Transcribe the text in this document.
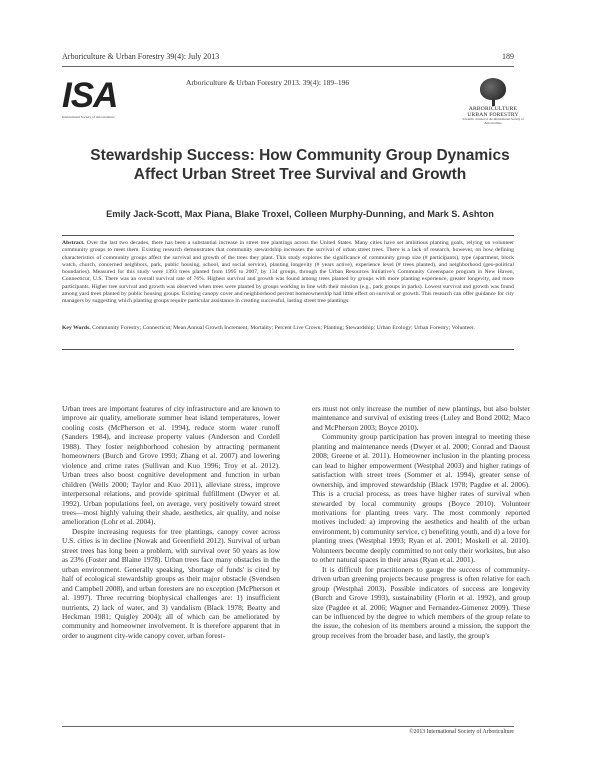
Arboriculture & Urban Forestry 39(4): July 2013	189
ISA
International Society of Arboriculture
Arboriculture & Urban Forestry 2013. 39(4): 189–196
ARBORICULTURE
URBAN FORESTRY
Scientific Journal of the International Society of Arboriculture
Stewardship Success: How Community Group Dynamics
Affect Urban Street Tree Survival and Growth
Emily Jack-Scott, Max Piana, Blake Troxel, Colleen Murphy-Dunning, and Mark S. Ashton
Abstract. Over the last two decades, there has been a substantial increase in street tree plantings across the United States. Many cities have set ambitious planting goals, relying on volunteer community groups to meet them. Existing research demonstrates that community stewardship increases the survival of urban street trees. There is a lack of research, however, on how defining characteristics of community groups affect the survival and growth of the trees they plant. This study explores the significance of community group size (# participants), type (apartment, block watch, church, concerned neighbors, park, public housing, school, and social service), planting longevity (# years active), experience level (# trees planted), and neighborhood (geo-political boundaries). Measured for this study were 1393 trees planted from 1995 to 2007, by 134 groups, through the Urban Resources Initiative's Community Greenspace program in New Haven, Connecticut, U.S. There was an overall survival rate of 76%. Highest survival and growth was found among trees planted by groups with more planting experience, greater longevity, and more participants. Higher tree survival and growth was observed when trees were planted by groups working in line with their mission (e.g., park groups in parks). Lowest survival and growth was found among yard trees planted by public housing groups. Existing canopy cover and neighborhood percent homeownership had little effect on survival or growth. This research can offer guidance for city managers by suggesting which planting groups require particular assistance in creating successful, lasting street tree plantings.
Key Words. Community Forestry; Connecticut; Mean Annual Growth Increment; Mortality; Percent Live Crown; Planting; Stewardship; Urban Ecology; Urban Forestry; Volunteer.

Urban trees are important features of city infrastructure and are known to improve air quality, ameliorate summer heat island temperatures, lower cooling costs (McPherson et al. 1994), reduce storm water runoff (Sanders 1984), and increase property values (Anderson and Cordell 1988). They foster neighborhood cohesion by attracting permanent homeowners (Burch and Grove 1993; Zhang et al. 2007) and lowering violence and crime rates (Sullivan and Kuo 1996; Troy et al. 2012). Urban trees also boost cognitive development and function in urban children (Wells 2000; Taylor and Kuo 2011), alleviate stress, improve interpersonal relations, and provide spiritual fulfillment (Dwyer et al. 1992). Urban populations feel, on average, very positively toward street trees—most highly valuing their shade, aesthetics, air quality, and noise amelioration (Lohr et al. 2004).

Despite increasing requests for tree plantings, canopy cover across U.S. cities is in decline (Nowak and Greenfield 2012). Survival of urban street trees has long been a problem, with survival over 50 years as low as 23% (Foster and Blaine 1978). Urban trees face many obstacles in the urban environment. Generally speaking, 'shortage of funds' is cited by half of ecological stewardship groups as their major obstacle (Svendsen and Campbell 2008), and urban foresters are no exception (McPherson et al. 1997). Three recurring biophysical challenges are: 1) insufficient nutrients, 2) lack of water, and 3) vandalism (Black 1978; Beatty and Heckman 1981; Quigley 2004); all of which can be ameliorated by community and homeowner involvement. It is therefore apparent that in order to augment city-wide canopy cover, urban forest-

ers must not only increase the number of new plantings, but also bolster maintenance and survival of existing trees (Luley and Bond 2002; Maco and McPherson 2003; Boyce 2010).

Community group participation has proven integral to meeting these planting and maintenance needs (Dwyer et al. 2000; Conrad and Daoust 2008; Greene et al. 2011). Homeowner inclusion in the planting process can lead to higher empowerment (Westphal 2003) and higher ratings of satisfaction with street trees (Sommer et al. 1994), greater sense of ownership, and improved stewardship (Black 1978; Pagdee et al. 2006). This is a crucial process, as trees have higher rates of survival when stewarded by local community groups (Boyce 2010). Volunteer motivations for planting trees vary. The most commonly reported motives included: a) improving the aesthetics and health of the urban environment, b) community service, c) benefiting youth, and d) a love for planting trees (Westphal 1993; Ryan et al. 2001; Moskell et al. 2010). Volunteers become deeply committed to not only their worksites, but also to other natural spaces in their areas (Ryan et al. 2001).

It is difficult for practitioners to gauge the success of community-driven urban greening projects because progress is often relative for each group (Westphal 2003). Possible indicators of success are longevity (Burch and Grove 1993), sustainability (Florin et al. 1992), and group size (Pagdee et al. 2006; Wagner and Fernandez-Gimenez 2009). These can be influenced by the degree to which members of the group relate to the issue, the cohesion of its members around a mission, the support the group receives from the broader base, and lastly, the group's

©2013 International Society of Arboriculture
